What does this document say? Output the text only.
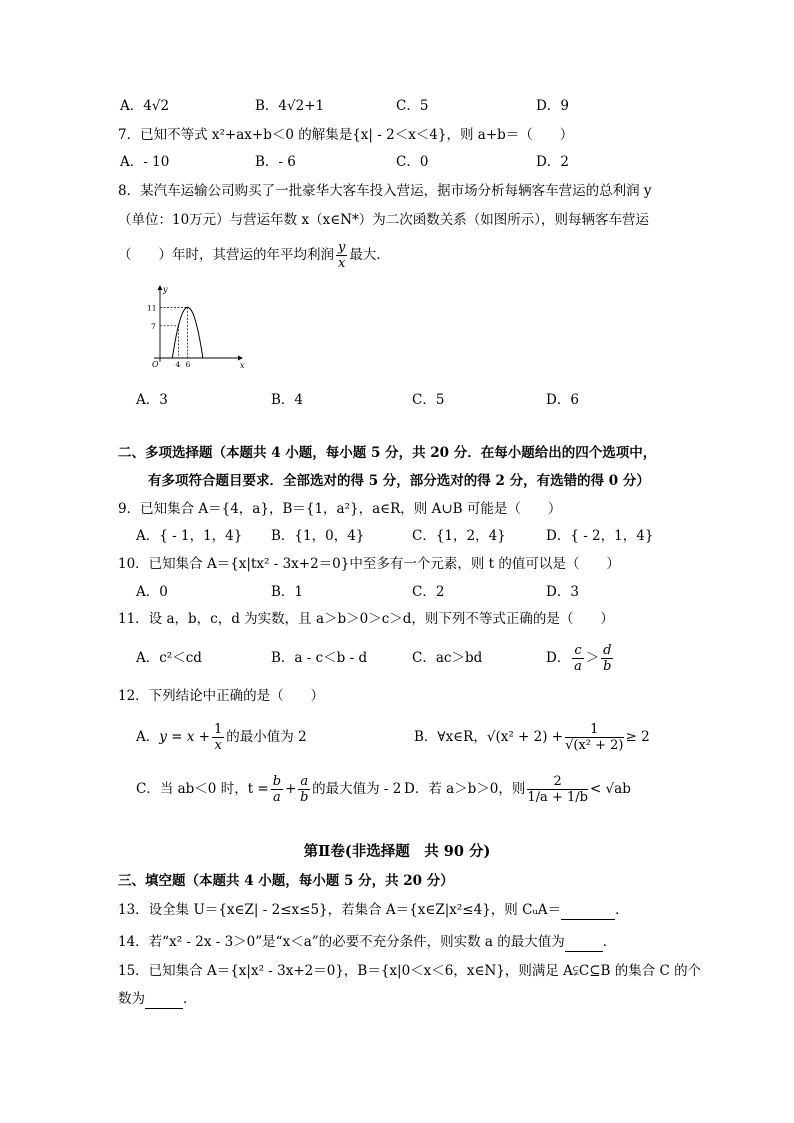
A．4√2	B．4√2+1	C．5	D．9
7．已知不等式 x²+ax+b＜0 的解集是{x| - 2＜x＜4}，则 a+b＝（　　）
A．- 10	B．- 6	C．0	D．2
8．某汽车运输公司购买了一批豪华大客车投入营运，据市场分析每辆客车营运的总利润 y
（单位：10万元）与营运年数 x（x∈N*）为二次函数关系（如图所示），则每辆客车营运
（　　）年时，其营运的年平均利润 $\frac{y}{x}$ 最大．
y
x
O
11
7
4 6
A．3	B．4	C．5	D．6
二、多项选择题（本题共 4 小题，每小题 5 分，共 20 分．在每小题给出的四个选项中，
有多项符合题目要求．全部选对的得 5 分，部分选对的得 2 分，有选错的得 0 分）
9．已知集合 A＝{4，a}，B＝{1，a²}，a∈R，则 A∪B 可能是（　　）
A．{ - 1，1，4} B．{1，0，4}	C．{1，2，4}	D．{ - 2，1，4}
10．已知集合 A＝{x|tx² - 3x+2＝0}中至多有一个元素，则 t 的值可以是（　　）
A．0	B．1	C．2	D．3
11．设 a，b，c，d 为实数，且 a＞b＞0＞c＞d，则下列不等式正确的是（　　）
A．c²＜cd	B．a - c＜b - d	C．ac＞bd	D． $\frac{c}{a} > \frac{d}{b}$
12．下列结论中正确的是（　　）
A．$y = x + \frac{1}{x}$ 的最小值为 2	B．∀x∈R，$√(x^2 + 2) + \frac{1}{\text{√(x² + 2)}} \ge 2$
C．当 ab＜0 时，$t = \frac{b}{a} + \frac{a}{b}$ 的最大值为 - 2 D．若 a＞b＞0，则 $\frac{2}{1/a + 1/b} < √ab$
第Ⅱ卷(非选择题　共 90 分)
三、填空题（本题共 4 小题，每小题 5 分，共 20 分）
13．设全集 U＝{x∈Z| - 2≤x≤5}，若集合 A＝{x∈Z|x²≤4}，则 CᵤA＝	．
14．若“x² - 2x - 3＞0”是“x＜a”的必要不充分条件，则实数 a 的最大值为	．
15．已知集合 A＝{x|x² - 3x+2＝0}，B＝{x|0＜x＜6，x∈N}，则满足 A⫋C⊆B 的集合 C 的个
数为	．
